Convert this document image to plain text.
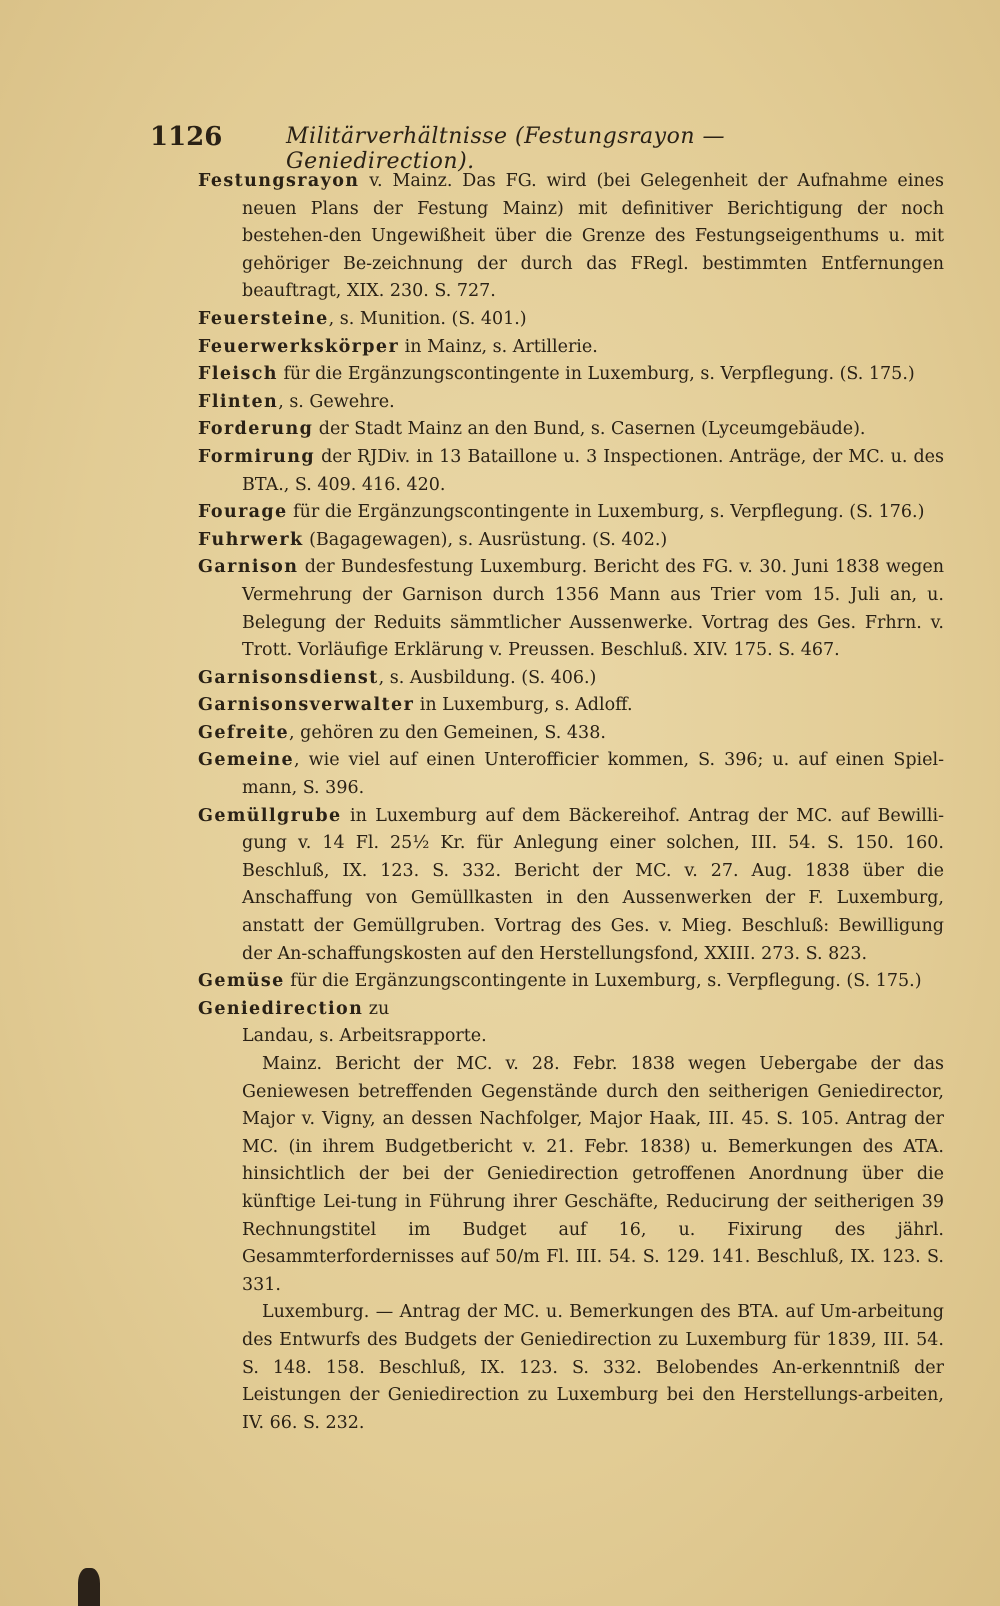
1126	Militärverhältnisse (Festungsrayon — Geniedirection).

Festungsrayon v. Mainz. Das FG. wird (bei Gelegenheit der Aufnahme eines neuen Plans der Festung Mainz) mit definitiver Berichtigung der noch bestehen-den Ungewißheit über die Grenze des Festungseigenthums u. mit gehöriger Be-zeichnung der durch das FRegl. bestimmten Entfernungen beauftragt, XIX. 230. S. 727.

Feuersteine, s. Munition. (S. 401.)

Feuerwerkskörper in Mainz, s. Artillerie.

Fleisch für die Ergänzungscontingente in Luxemburg, s. Verpflegung. (S. 175.)

Flinten, s. Gewehre.

Forderung der Stadt Mainz an den Bund, s. Casernen (Lyceumgebäude).

Formirung der RJDiv. in 13 Bataillone u. 3 Inspectionen. Anträge, der MC. u. des BTA., S. 409. 416. 420.

Fourage für die Ergänzungscontingente in Luxemburg, s. Verpflegung. (S. 176.)

Fuhrwerk (Bagagewagen), s. Ausrüstung. (S. 402.)

Garnison der Bundesfestung Luxemburg. Bericht des FG. v. 30. Juni 1838 wegen Vermehrung der Garnison durch 1356 Mann aus Trier vom 15. Juli an, u. Belegung der Reduits sämmtlicher Aussenwerke. Vortrag des Ges. Frhrn. v. Trott. Vorläufige Erklärung v. Preussen. Beschluß. XIV. 175. S. 467.

Garnisonsdienst, s. Ausbildung. (S. 406.)

Garnisonsverwalter in Luxemburg, s. Adloff.

Gefreite, gehören zu den Gemeinen, S. 438.

Gemeine, wie viel auf einen Unterofficier kommen, S. 396; u. auf einen Spiel-mann, S. 396.

Gemüllgrube in Luxemburg auf dem Bäckereihof. Antrag der MC. auf Bewilli-gung v. 14 Fl. 25½ Kr. für Anlegung einer solchen, III. 54. S. 150. 160. Beschluß, IX. 123. S. 332. Bericht der MC. v. 27. Aug. 1838 über die Anschaffung von Gemüllkasten in den Aussenwerken der F. Luxemburg, anstatt der Gemüllgruben. Vortrag des Ges. v. Mieg. Beschluß: Bewilligung der An-schaffungskosten auf den Herstellungsfond, XXIII. 273. S. 823.

Gemüse für die Ergänzungscontingente in Luxemburg, s. Verpflegung. (S. 175.)

Geniedirection zu

Landau, s. Arbeitsrapporte.

Mainz. Bericht der MC. v. 28. Febr. 1838 wegen Uebergabe der das Geniewesen betreffenden Gegenstände durch den seitherigen Geniedirector, Major v. Vigny, an dessen Nachfolger, Major Haak, III. 45. S. 105. Antrag der MC. (in ihrem Budgetbericht v. 21. Febr. 1838) u. Bemerkungen des ATA. hinsichtlich der bei der Geniedirection getroffenen Anordnung über die künftige Lei-tung in Führung ihrer Geschäfte, Reducirung der seitherigen 39 Rechnungstitel im Budget auf 16, u. Fixirung des jährl. Gesammterfordernisses auf 50/m Fl. III. 54. S. 129. 141. Beschluß, IX. 123. S. 331.

Luxemburg. — Antrag der MC. u. Bemerkungen des BTA. auf Um-arbeitung des Entwurfs des Budgets der Geniedirection zu Luxemburg für 1839, III. 54. S. 148. 158. Beschluß, IX. 123. S. 332. Belobendes An-erkenntniß der Leistungen der Geniedirection zu Luxemburg bei den Herstellungs-arbeiten, IV. 66. S. 232.
